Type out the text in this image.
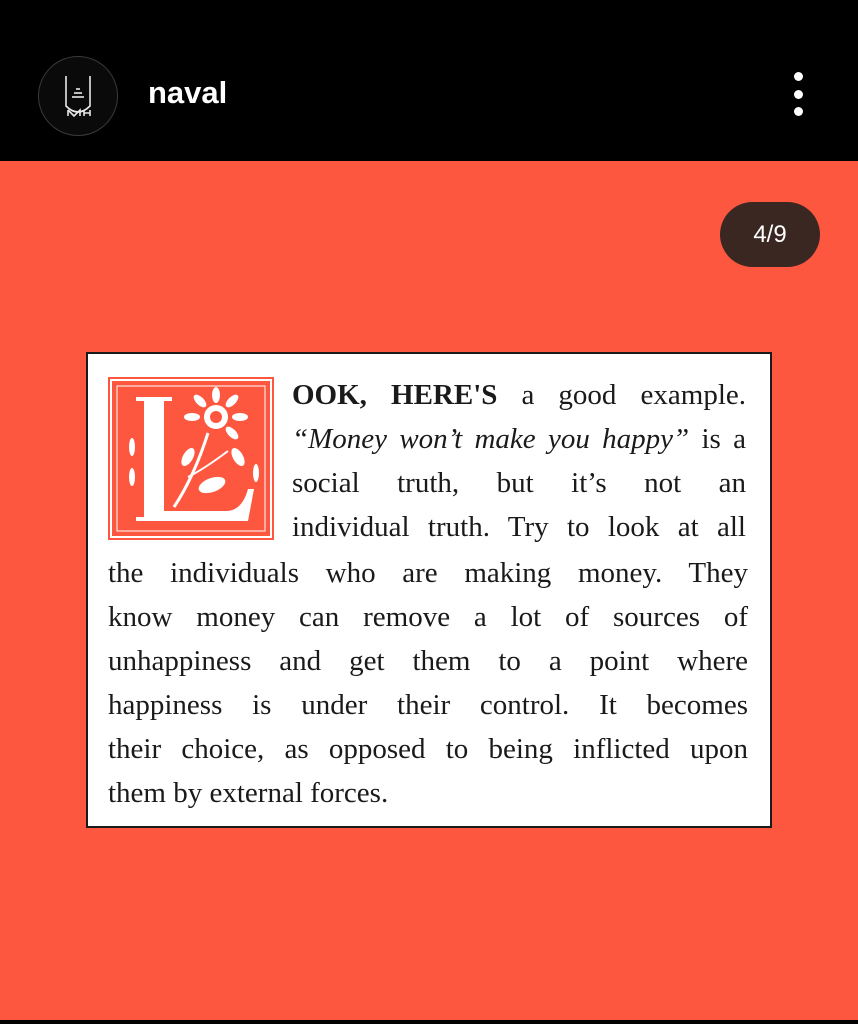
naval
4/9
OOK, HERE'S a good example.
“Money won’t make you happy” is a
social truth, but it’s not an
individual truth. Try to look at all
the individuals who are making money. They
know money can remove a lot of sources of
unhappiness and get them to a point where
happiness is under their control. It becomes
their choice, as opposed to being inflicted upon
them by external forces.
